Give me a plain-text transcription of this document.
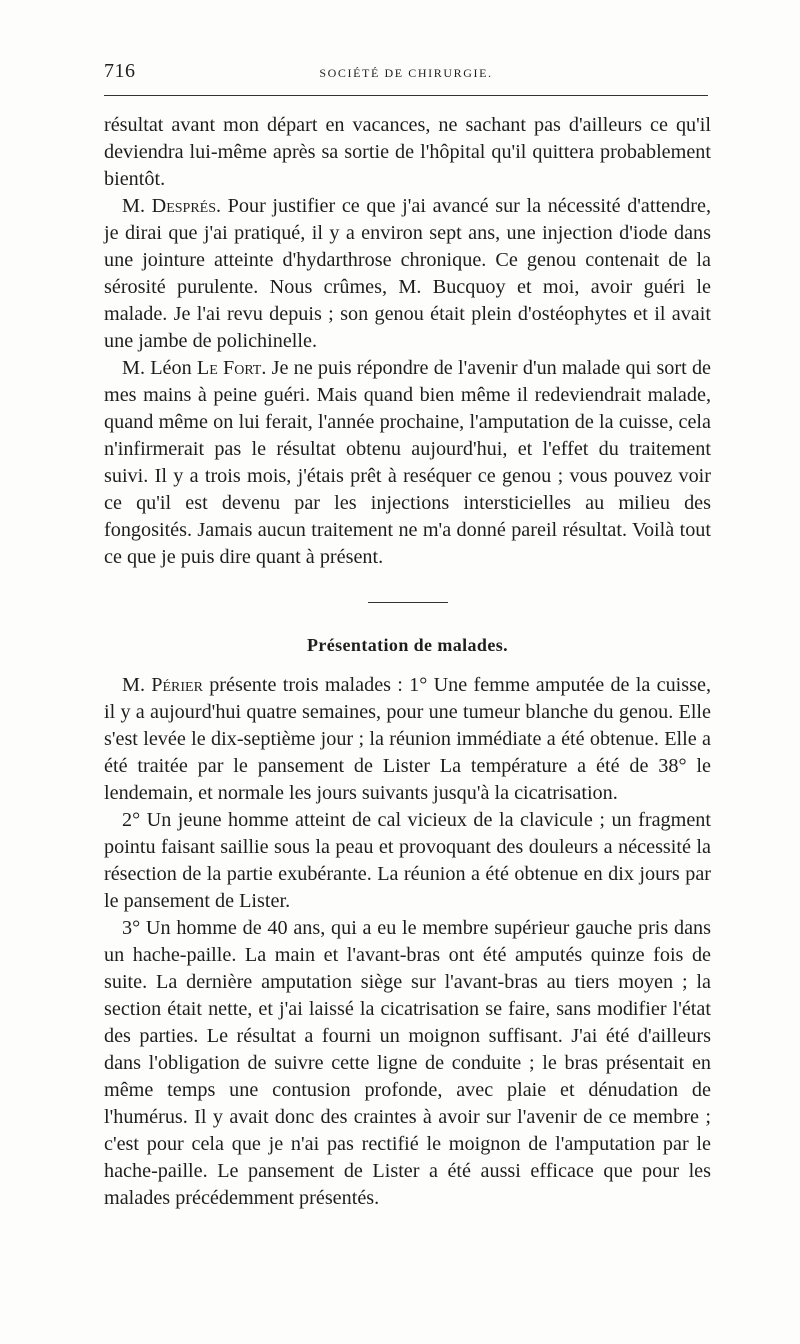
716	SOCIÉTÉ DE CHIRURGIE.

résultat avant mon départ en vacances, ne sachant pas d'ailleurs ce qu'il deviendra lui-même après sa sortie de l'hôpital qu'il quittera probablement bientôt.

M. Després. Pour justifier ce que j'ai avancé sur la nécessité d'attendre, je dirai que j'ai pratiqué, il y a environ sept ans, une injection d'iode dans une jointure atteinte d'hydarthrose chronique. Ce genou contenait de la sérosité purulente. Nous crûmes, M. Bucquoy et moi, avoir guéri le malade. Je l'ai revu depuis ; son genou était plein d'ostéophytes et il avait une jambe de polichinelle.

M. Léon Le Fort. Je ne puis répondre de l'avenir d'un malade qui sort de mes mains à peine guéri. Mais quand bien même il redeviendrait malade, quand même on lui ferait, l'année prochaine, l'amputation de la cuisse, cela n'infirmerait pas le résultat obtenu aujourd'hui, et l'effet du traitement suivi. Il y a trois mois, j'étais prêt à reséquer ce genou ; vous pouvez voir ce qu'il est devenu par les injections intersticielles au milieu des fongosités. Jamais aucun traitement ne m'a donné pareil résultat. Voilà tout ce que je puis dire quant à présent.

Présentation de malades.

M. Périer présente trois malades : 1° Une femme amputée de la cuisse, il y a aujourd'hui quatre semaines, pour une tumeur blanche du genou. Elle s'est levée le dix-septième jour ; la réunion immédiate a été obtenue. Elle a été traitée par le pansement de Lister La température a été de 38° le lendemain, et normale les jours suivants jusqu'à la cicatrisation.

2° Un jeune homme atteint de cal vicieux de la clavicule ; un fragment pointu faisant saillie sous la peau et provoquant des douleurs a nécessité la résection de la partie exubérante. La réunion a été obtenue en dix jours par le pansement de Lister.

3° Un homme de 40 ans, qui a eu le membre supérieur gauche pris dans un hache-paille. La main et l'avant-bras ont été amputés quinze fois de suite. La dernière amputation siège sur l'avant-bras au tiers moyen ; la section était nette, et j'ai laissé la cicatrisation se faire, sans modifier l'état des parties. Le résultat a fourni un moignon suffisant. J'ai été d'ailleurs dans l'obligation de suivre cette ligne de conduite ; le bras présentait en même temps une contusion profonde, avec plaie et dénudation de l'humérus. Il y avait donc des craintes à avoir sur l'avenir de ce membre ; c'est pour cela que je n'ai pas rectifié le moignon de l'amputation par le hache-paille. Le pansement de Lister a été aussi efficace que pour les malades précédemment présentés.
